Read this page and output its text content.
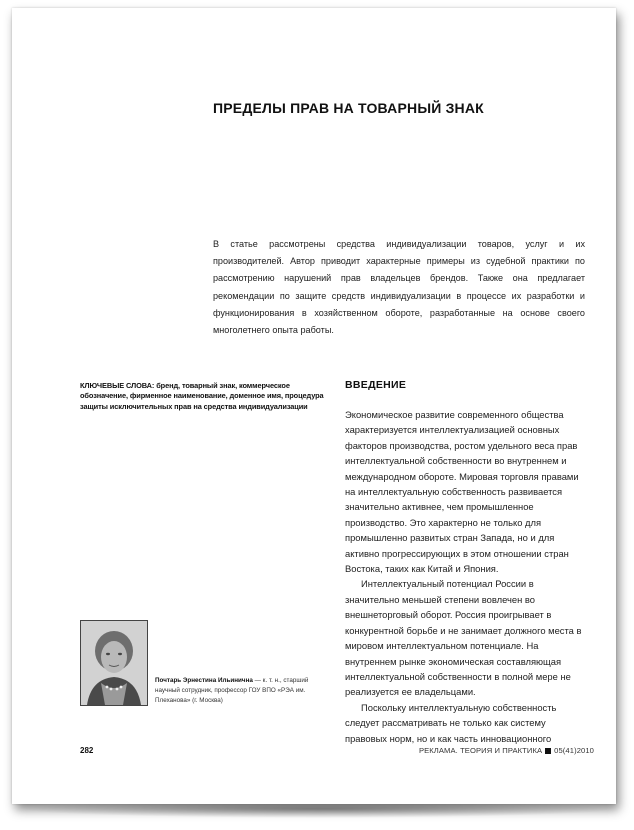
ПРЕДЕЛЫ ПРАВ НА ТОВАРНЫЙ ЗНАК

В статье рассмотрены средства индивидуализации товаров, услуг и их производителей. Автор приводит характерные примеры из судебной практики по рассмотрению нарушений прав владельцев брендов. Также она предлагает рекомендации по защите средств индивидуализации в процессе их разработки и функционирования в хозяйственном обороте, разработанные на основе своего многолетнего опыта работы.

КЛЮЧЕВЫЕ СЛОВА: бренд, товарный знак, коммерческое обозначение, фирменное наименование, доменное имя, процедура защиты исключительных прав на средства индивидуализации
ВВЕДЕНИЕ

Экономическое развитие современного общества характеризуется интеллектуализацией основных факторов производства, ростом удельного веса прав интеллектуальной собственности во внутреннем и международном обороте. Мировая торговля правами на интеллектуальную собственность развивается значительно активнее, чем промышленное производство. Это характерно не только для промышленно развитых стран Запада, но и для активно прогрессирующих в этом отношении стран Востока, таких как Китай и Япония.

Интеллектуальный потенциал России в значительно меньшей степени вовлечен во внешнеторговый оборот. Россия проигрывает в конкурентной борьбе и не занимает должного места в мировом интеллектуальном потенциале. На внутреннем рынке экономическая составляющая интеллектуальной собственности в полной мере не реализуется ее владельцами.

Поскольку интеллектуальную собственность следует рассматривать не только как систему правовых норм, но и как часть инновационного

Почтарь Эрнестина Ильинична — к. т. н., старший научный сотрудник, профессор ГОУ ВПО «РЭА им. Плеханова» (г. Москва)
282	РЕКЛАМА. ТЕОРИЯ И ПРАКТИКА 05(41)2010
